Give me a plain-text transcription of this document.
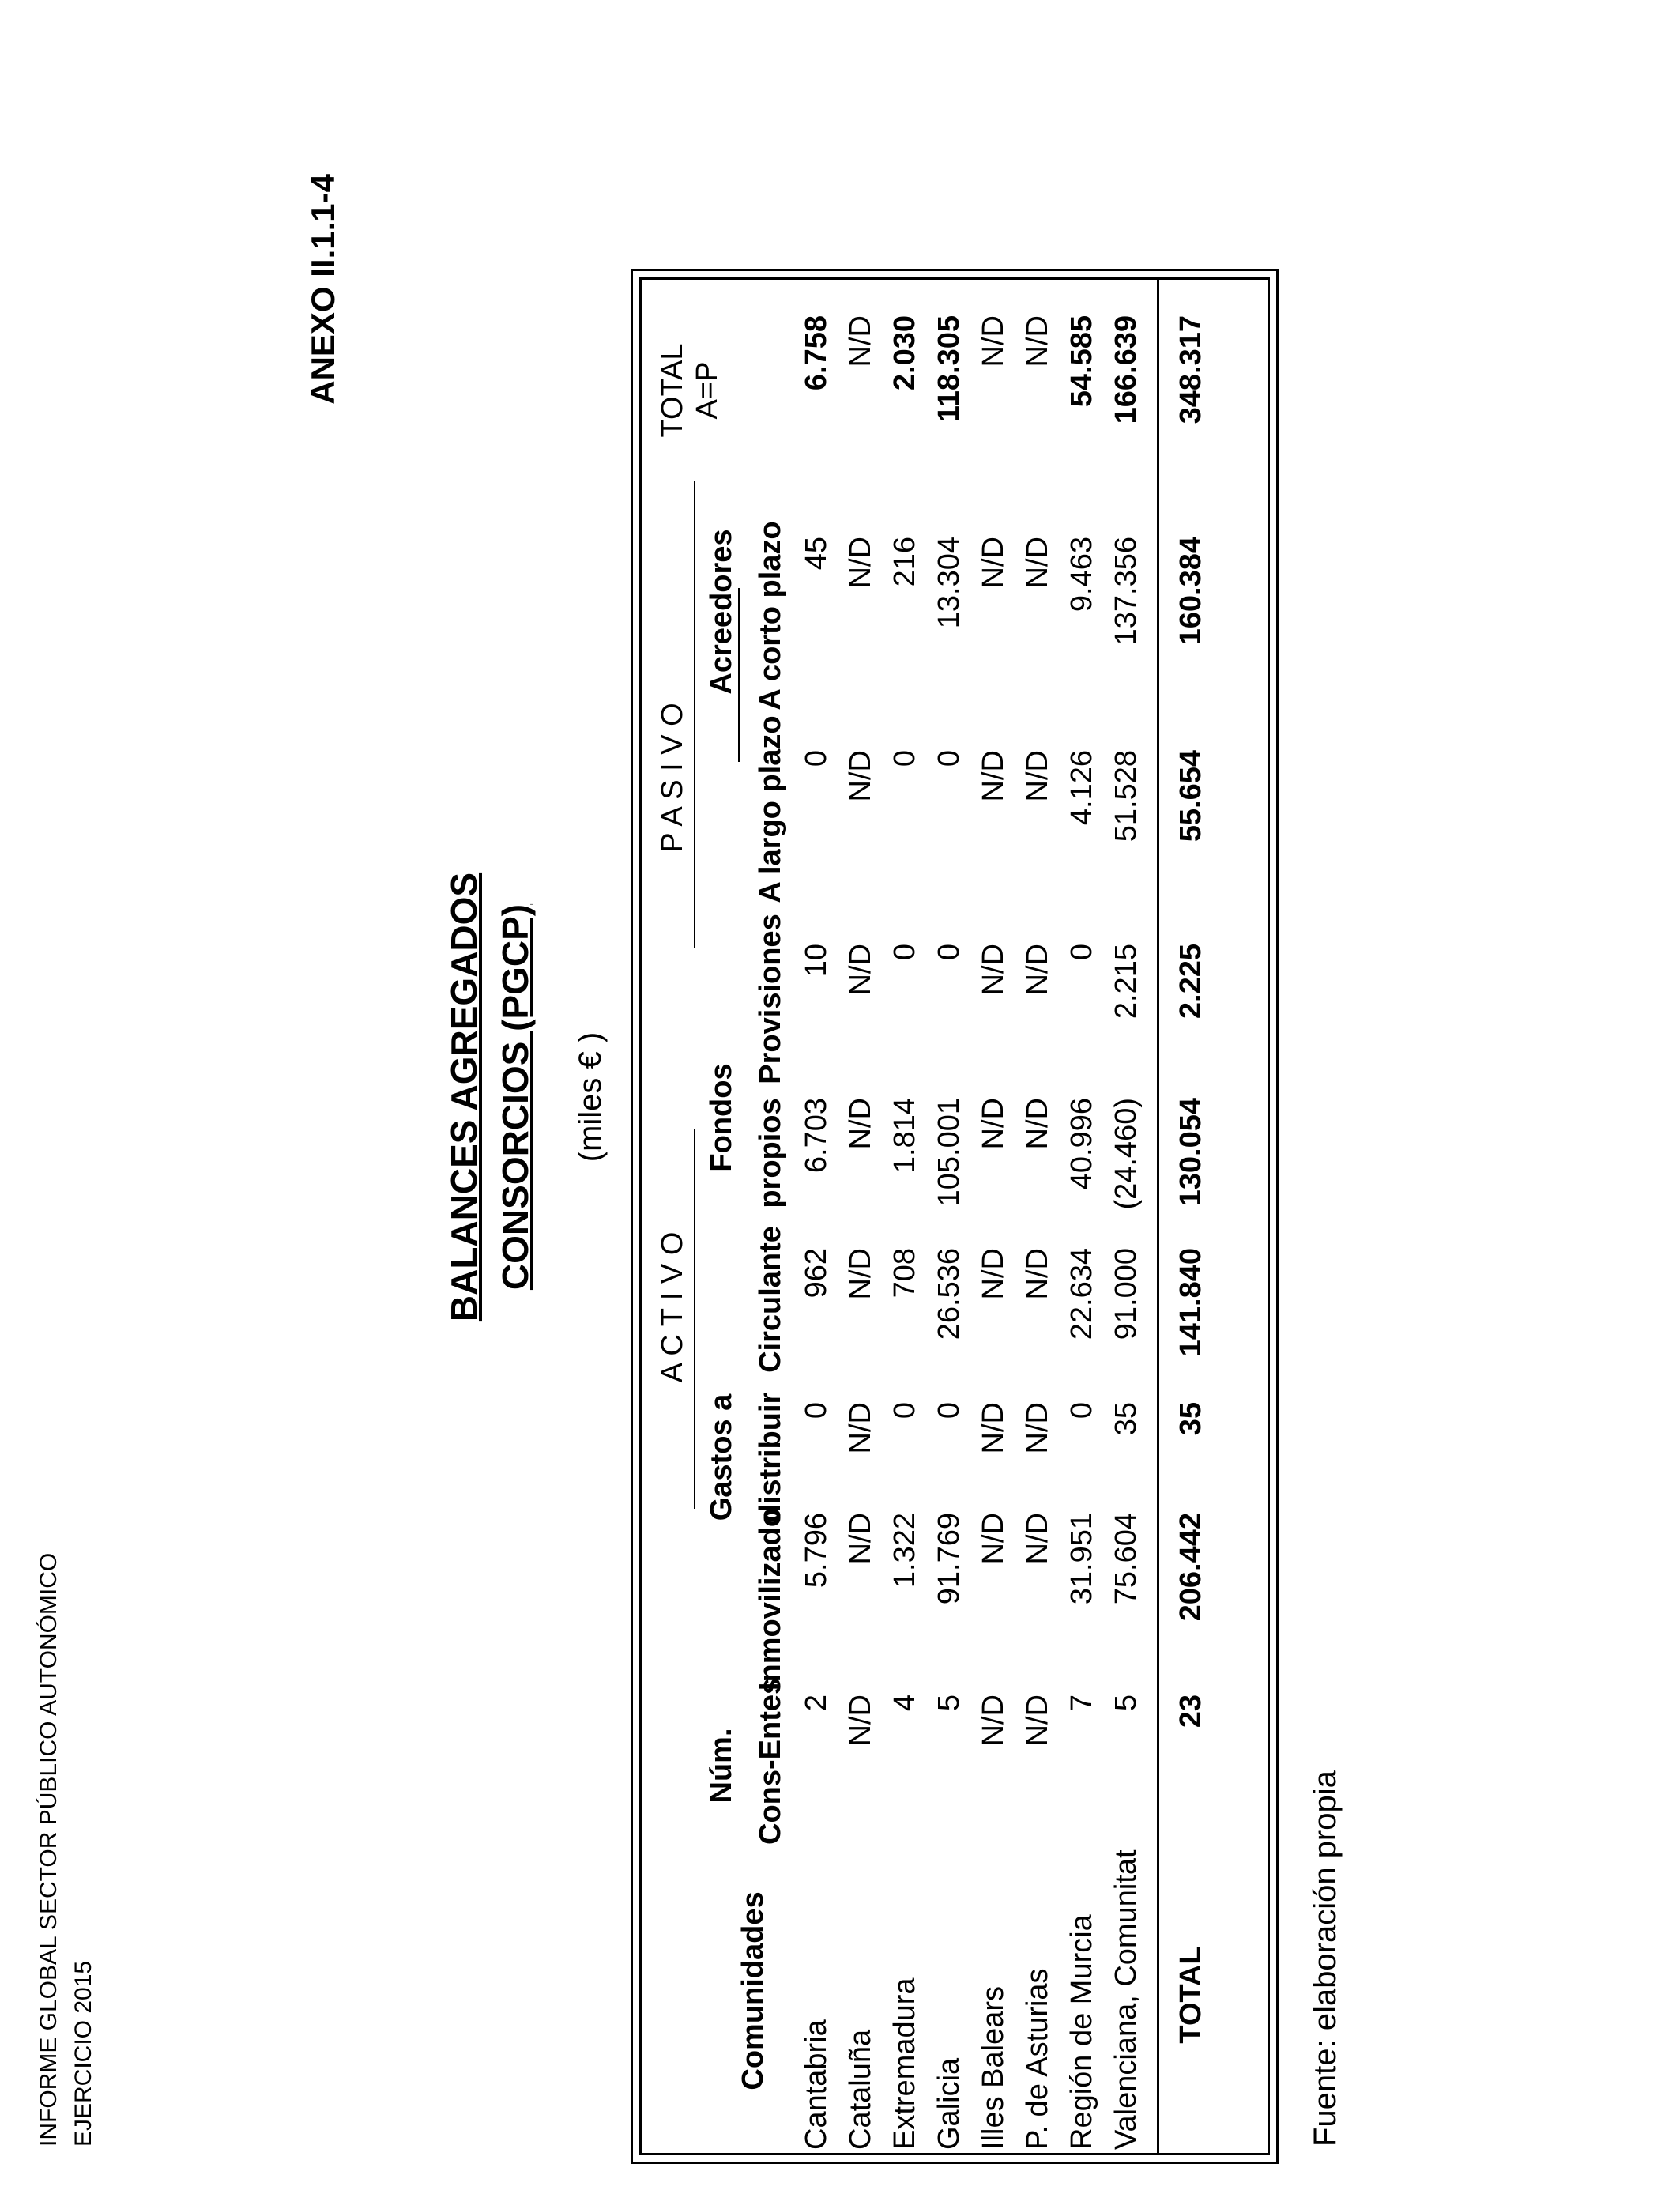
INFORME GLOBAL SECTOR PÚBLICO AUTONÓMICO EJERCICIO 2015
ANEXO II.1.1-4
BALANCES AGREGADOS CONSORCIOS (PGCP) (miles € )
A C T I V O
P A S I V O
TOTAL A=P
Comunidades
Núm.
Gastos a
Fondos
Acreedores
Cons-Entes
Inmovilizado
distribuir
Circulante
propios
Provisiones
A largo plazo
A corto plazo
Cantabria
2
5.796
0
962
6.703
10
0
45
6.758
Cataluña
N/D
N/D
N/D
N/D
N/D
N/D
N/D
N/D
N/D
Extremadura
4
1.322
0
708
1.814
0
0
216
2.030
Galicia
5
91.769
0
26.536
105.001
0
0
13.304
118.305
Illes Balears
N/D
N/D
N/D
N/D
N/D
N/D
N/D
N/D
N/D
P. de Asturias
N/D
N/D
N/D
N/D
N/D
N/D
N/D
N/D
N/D
Región de Murcia
7
31.951
0
22.634
40.996
0
4.126
9.463
54.585
Valenciana, Comunitat
5
75.604
35
91.000
(24.460)
2.215
51.528
137.356
166.639
TOTAL
23
206.442
35
141.840
130.054
2.225
55.654
160.384
348.317
Fuente: elaboración propia
